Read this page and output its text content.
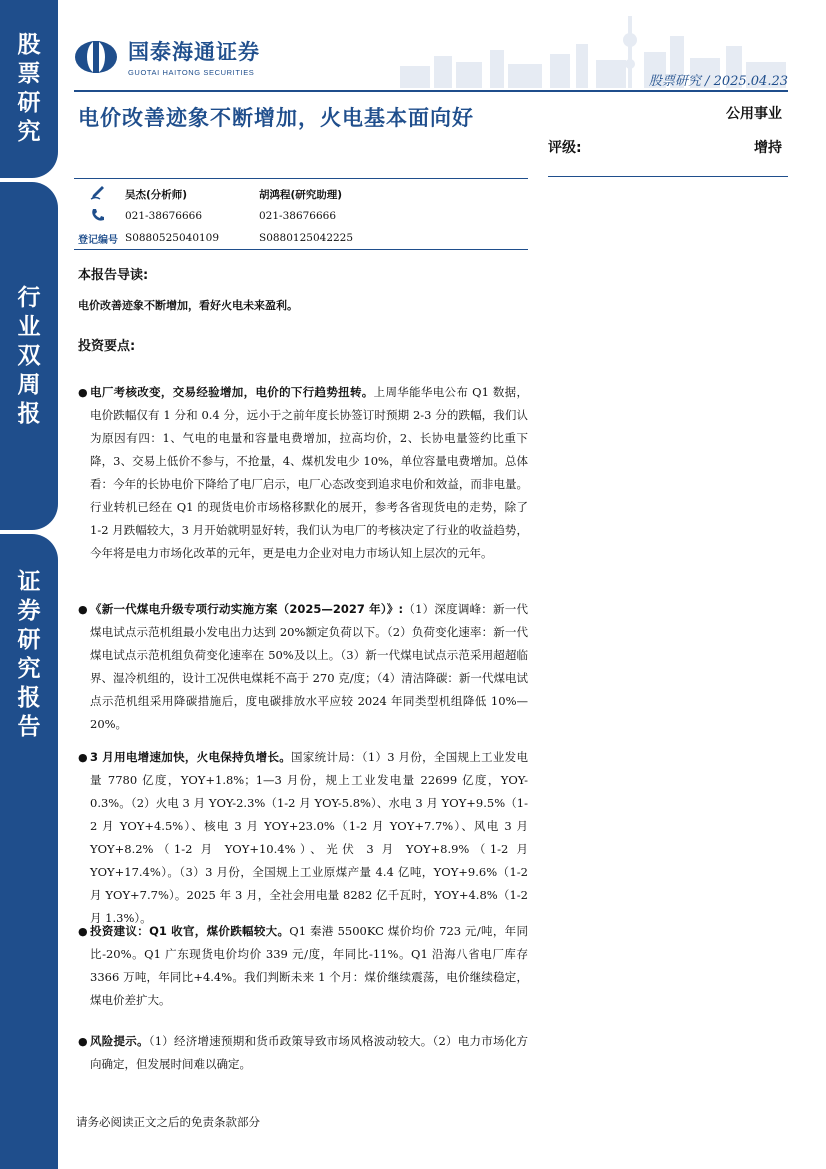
股
票
研
究
行
业
双
周
报
证
券
研
究
报
告
国泰海通证券
GUOTAI HAITONG SECURITIES
股票研究 / 2025.04.23
电价改善迹象不断增加，火电基本面向好	公用事业
评级:	增持
吴杰(分析师)	胡鸿程(研究助理)
021-38676666	021-38676666
登记编号 S0880525040109	S0880125042225
本报告导读:
电价改善迹象不断增加，看好火电未来盈利。
投资要点:
● 电厂考核改变，交易经验增加，电价的下行趋势扭转。上周华能华电公布 Q1 数据，电价跌幅仅有 1 分和 0.4 分，远小于之前年度长协签订时预期 2-3 分的跌幅，我们认为原因有四：1、气电的电量和容量电费增加，拉高均价，2、长协电量签约比重下降，3、交易上低价不参与，不抢量，4、煤机发电少 10%，单位容量电费增加。总体看：今年的长协电价下降给了电厂启示，电厂心态改变到追求电价和效益，而非电量。行业转机已经在 Q1 的现货电价市场格移默化的展开，参考各省现货电的走势，除了 1-2 月跌幅较大，3 月开始就明显好转，我们认为电厂的考核决定了行业的收益趋势，今年将是电力市场化改革的元年，更是电力企业对电力市场认知上层次的元年。
● 《新一代煤电升级专项行动实施方案（2025—2027 年）》:（1）深度调峰：新一代煤电试点示范机组最小发电出力达到 20%额定负荷以下。（2）负荷变化速率：新一代煤电试点示范机组负荷变化速率在 50%及以上。（3）新一代煤电试点示范采用超超临界、湿冷机组的，设计工况供电煤耗不高于 270 克/度；（4）清洁降碳：新一代煤电试点示范机组采用降碳措施后，度电碳排放水平应较 2024 年同类型机组降低 10%—20%。
● 3 月用电增速加快，火电保持负增长。国家统计局：（1）3 月份，全国规上工业发电量 7780 亿度，YOY+1.8%；1—3 月份，规上工业发电量 22699 亿度，YOY-0.3%。（2）火电 3 月 YOY-2.3%（1-2 月 YOY-5.8%）、水电 3 月 YOY+9.5%（1-2 月 YOY+4.5%）、核电 3 月 YOY+23.0%（1-2 月 YOY+7.7%）、风电 3 月 YOY+8.2%（1-2 月 YOY+10.4%）、光伏 3 月 YOY+8.9%（1-2 月 YOY+17.4%）。（3）3 月份，全国规上工业原煤产量 4.4 亿吨，YOY+9.6%（1-2 月 YOY+7.7%）。2025 年 3 月，全社会用电量 8282 亿千瓦时，YOY+4.8%（1-2 月 1.3%）。
● 投资建议：Q1 收官，煤价跌幅较大。Q1 秦港 5500KC 煤价均价 723 元/吨，年同比-20%。Q1 广东现货电价均价 339 元/度，年同比-11%。Q1 沿海八省电厂库存 3366 万吨，年同比+4.4%。我们判断未来 1 个月：煤价继续震荡，电价继续稳定，煤电价差扩大。
● 风险提示。（1）经济增速预期和货币政策导致市场风格波动较大。（2）电力市场化方向确定，但发展时间难以确定。
请务必阅读正文之后的免责条款部分
